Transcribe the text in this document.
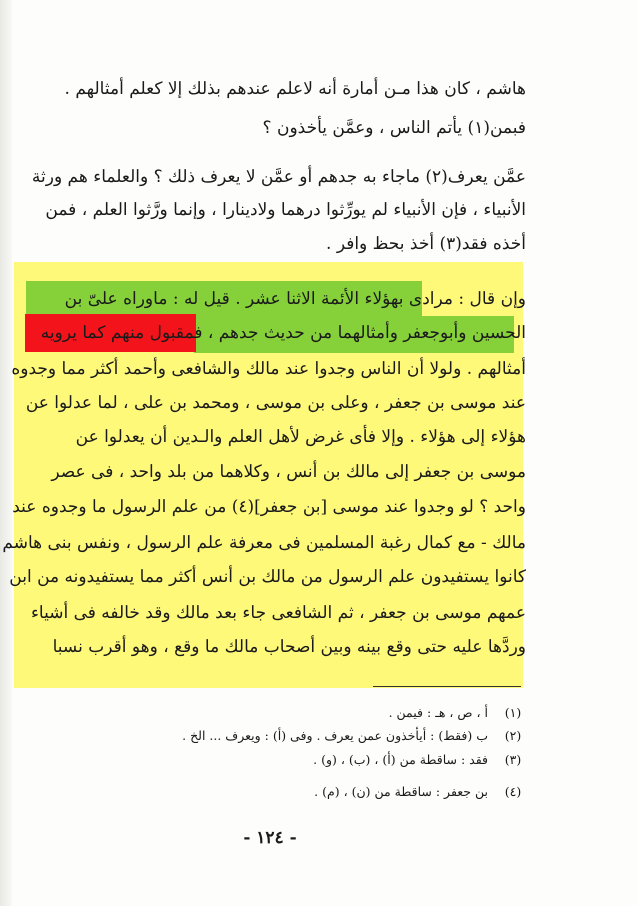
هاشم ، كان هذا مـن أمارة أنه لاعلم عندهم بذلك إلا كعلم أمثالهم .
فبمن(١) يأتم الناس ، وعمَّن يأخذون ؟
عمَّن يعرف(٢) ماجاء به جدهم أو عمَّن لا يعرف ذلك ؟ والعلماء هم ورثة
الأنبياء ، فإن الأنبياء لم يورِّثوا درهما ولادينارا ، وإنما ورَّثوا العلم ، فمن
أخذه فقد(٣) أخذ بحظ وافر .
وإن قال : مرادى بهؤلاء الأئمة الاثنا عشر . قيل له : ماوراه علىّ بن
الحسين وأبوجعفر وأمثالهما من حديث جدهم ، فمقبول منهم كما يرويه
أمثالهم . ولولا أن الناس وجدوا عند مالك والشافعى وأحمد أكثر مما وجدوه
عند موسى بن جعفر ، وعلى بن موسى ، ومحمد بن على ، لما عدلوا عن
هؤلاء إلى هؤلاء . وإلا فأى غرض لأهل العلم والـدين أن يعدلوا عن
موسى بن جعفر إلى مالك بن أنس ، وكلاهما من بلد واحد ، فى عصر
واحد ؟ لو وجدوا عند موسى [بن جعفر](٤) من علم الرسول ما وجدوه عند
مالك - مع كمال رغبة المسلمين فى معرفة علم الرسول ، ونفس بنى هاشم
كانوا يستفيدون علم الرسول من مالك بن أنس أكثر مما يستفيدونه من ابن
عمهم موسى بن جعفر ، ثم الشافعى جاء بعد مالك وقد خالفه فى أشياء
وردَّها عليه حتى وقع بينه وبين أصحاب مالك ما وقع ، وهو أقرب نسبا
(١)
أ ، ص ، هـ : فيمن .
(٢)
ب (فقط) : أيأخذون عمن يعرف . وفى (أ) : ويعرف ... الخ .
(٣)
فقد : ساقطة من (أ) ، (ب) ، (و) .
(٤)
بن جعفر : ساقطة من (ن) ، (م) .
- ١٢٤ -
